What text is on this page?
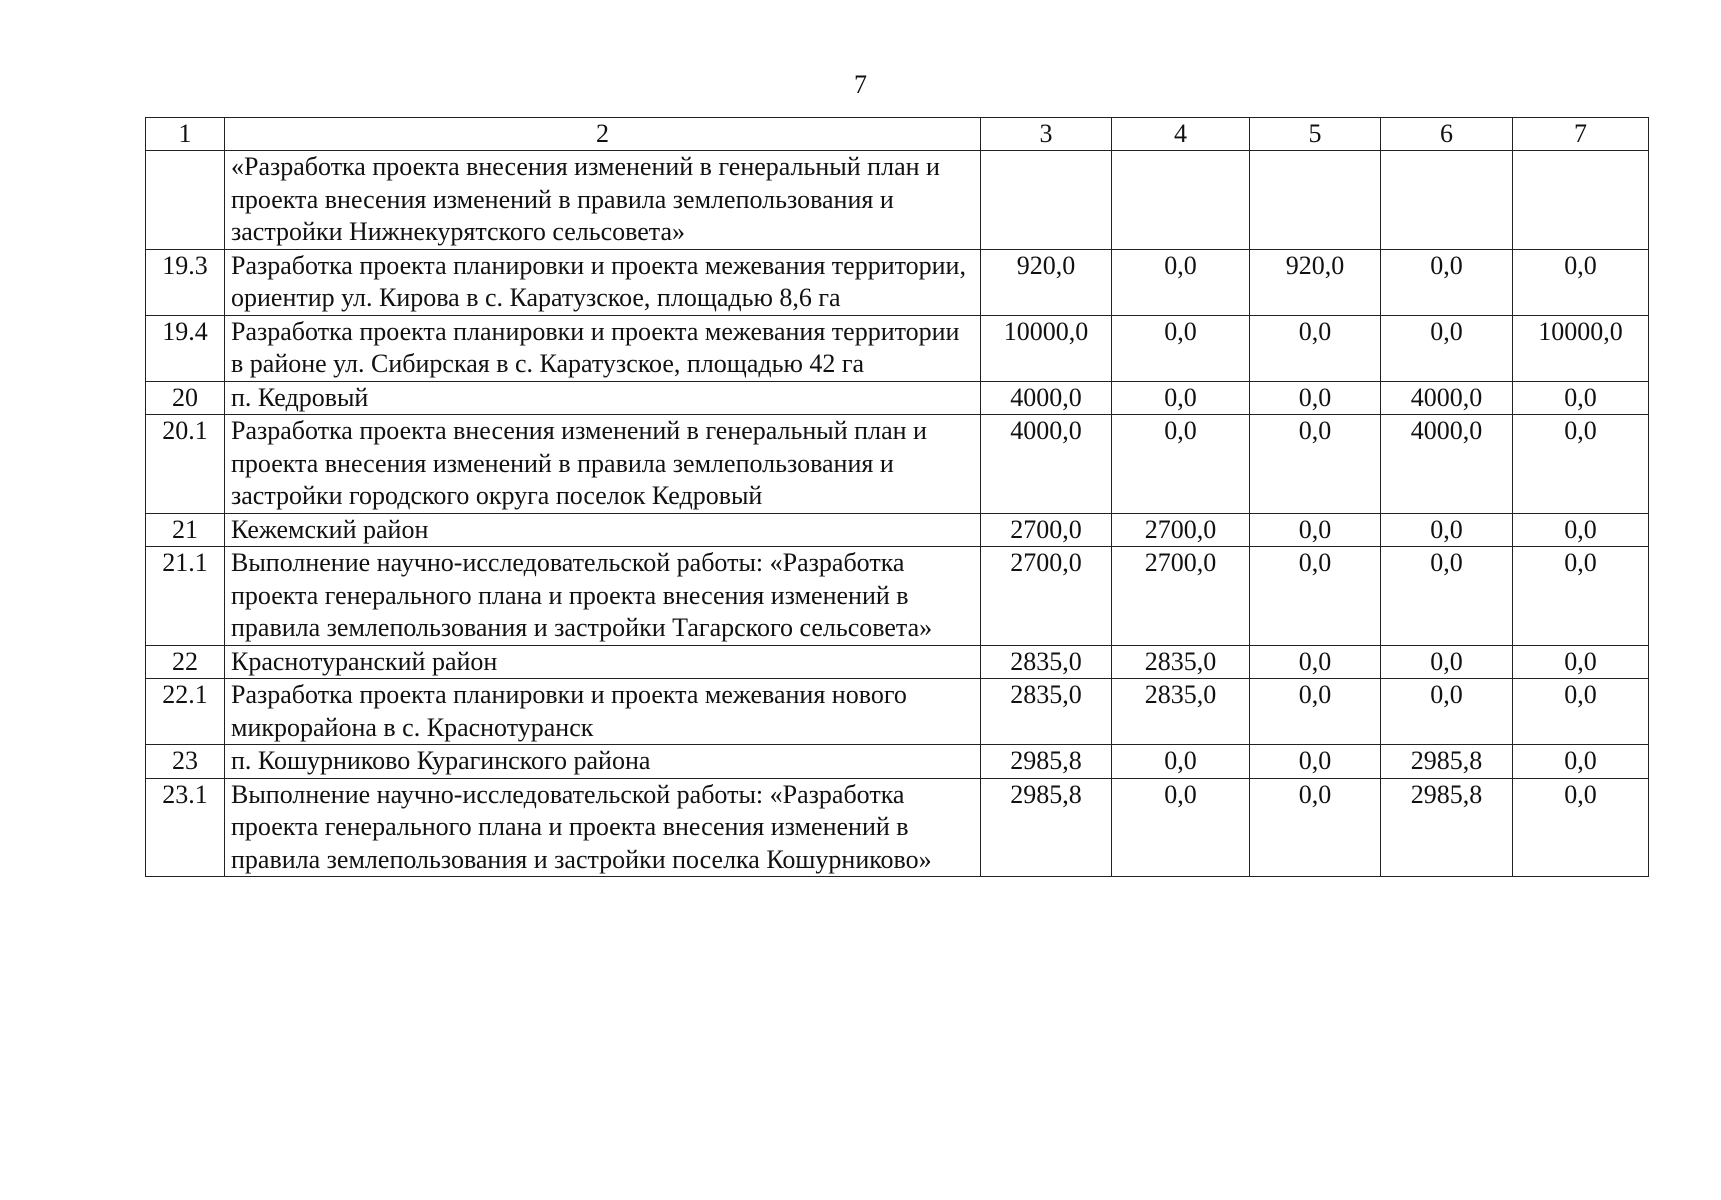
7
1	2	3	4	5	6	7
	«Разработка проекта внесения изменений в генеральный план и проекта внесения изменений в правила землепользования и застройки Нижнекурятского сельсовета»					
19.3	Разработка проекта планировки и проекта межевания территории, ориентир ул. Кирова в с. Каратузское, площадью 8,6 га	920,0	0,0	920,0	0,0	0,0
19.4	Разработка проекта планировки и проекта межевания территории в районе ул. Сибирская в с. Каратузское, площадью 42 га	10000,0	0,0	0,0	0,0	10000,0
20	п. Кедровый	4000,0	0,0	0,0	4000,0	0,0
20.1	Разработка проекта внесения изменений в генеральный план и проекта внесения изменений в правила землепользования и застройки городского округа поселок Кедровый	4000,0	0,0	0,0	4000,0	0,0
21	Кежемский район	2700,0	2700,0	0,0	0,0	0,0
21.1	Выполнение научно-исследовательской работы: «Разработка проекта генерального плана и проекта внесения изменений в правила землепользования и застройки Тагарского сельсовета»	2700,0	2700,0	0,0	0,0	0,0
22	Краснотуранский район	2835,0	2835,0	0,0	0,0	0,0
22.1	Разработка проекта планировки и проекта межевания нового микрорайона в с. Краснотуранск	2835,0	2835,0	0,0	0,0	0,0
23	п. Кошурниково Курагинского района	2985,8	0,0	0,0	2985,8	0,0
23.1	Выполнение научно-исследовательской работы: «Разработка проекта генерального плана и проекта внесения изменений в правила землепользования и застройки поселка Кошурниково»	2985,8	0,0	0,0	2985,8	0,0
